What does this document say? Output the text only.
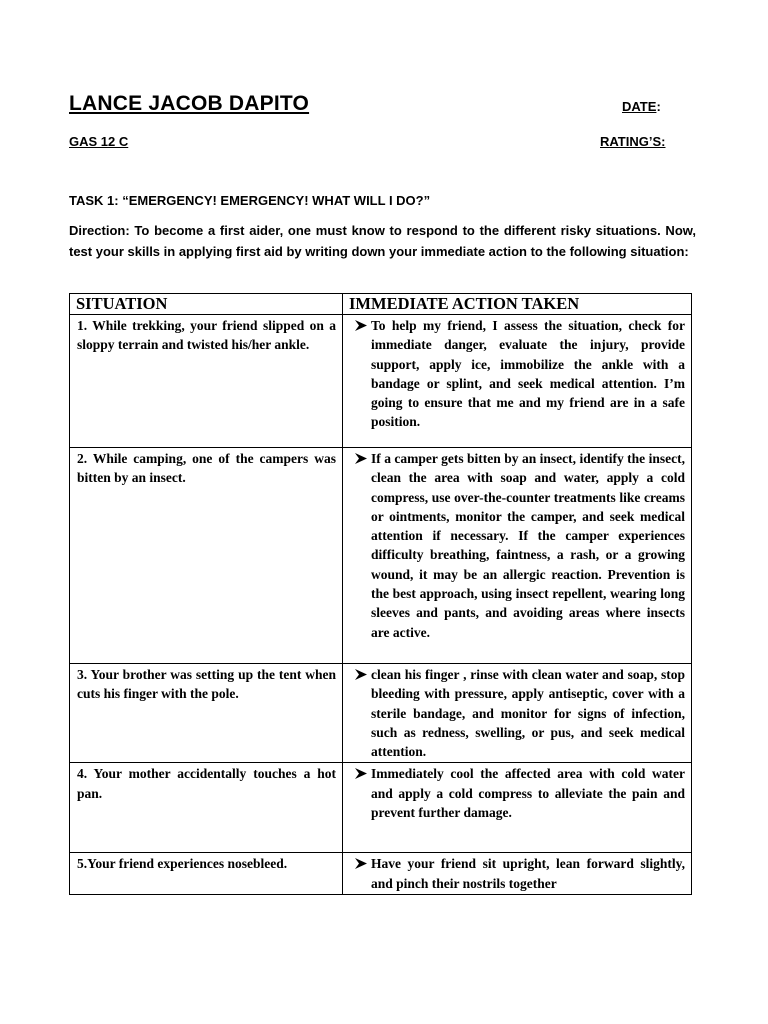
LANCE JACOB DAPITO	DATE:
GAS 12 C	RATING’S:
TASK 1: “EMERGENCY! EMERGENCY! WHAT WILL I DO?”

Direction: To become a first aider, one must know to respond to the different risky situations. Now, test your skills in applying first aid by writing down your immediate action to the following situation:

SITUATION	IMMEDIATE ACTION TAKEN
1. While trekking, your friend slipped on a sloppy terrain and twisted his/her ankle.	To help my friend, I assess the situation, check for immediate danger, evaluate the injury, provide support, apply ice, immobilize the ankle with a bandage or splint, and seek medical attention. I’m going to ensure that me and my friend are in a safe position.
2. While camping, one of the campers was bitten by an insect.	If a camper gets bitten by an insect, identify the insect, clean the area with soap and water, apply a cold compress, use over-the-counter treatments like creams or ointments, monitor the camper, and seek medical attention if necessary. If the camper experiences difficulty breathing, faintness, a rash, or a growing wound, it may be an allergic reaction. Prevention is the best approach, using insect repellent, wearing long sleeves and pants, and avoiding areas where insects are active.
3. Your brother was setting up the tent when cuts his finger with the pole.	clean his finger , rinse with clean water and soap, stop bleeding with pressure, apply antiseptic, cover with a sterile bandage, and monitor for signs of infection, such as redness, swelling, or pus, and seek medical attention.
4. Your mother accidentally touches a hot pan.	Immediately cool the affected area with cold water and apply a cold compress to alleviate the pain and prevent further damage.
5.Your friend experiences nosebleed.	Have your friend sit upright, lean forward slightly, and pinch their nostrils together
